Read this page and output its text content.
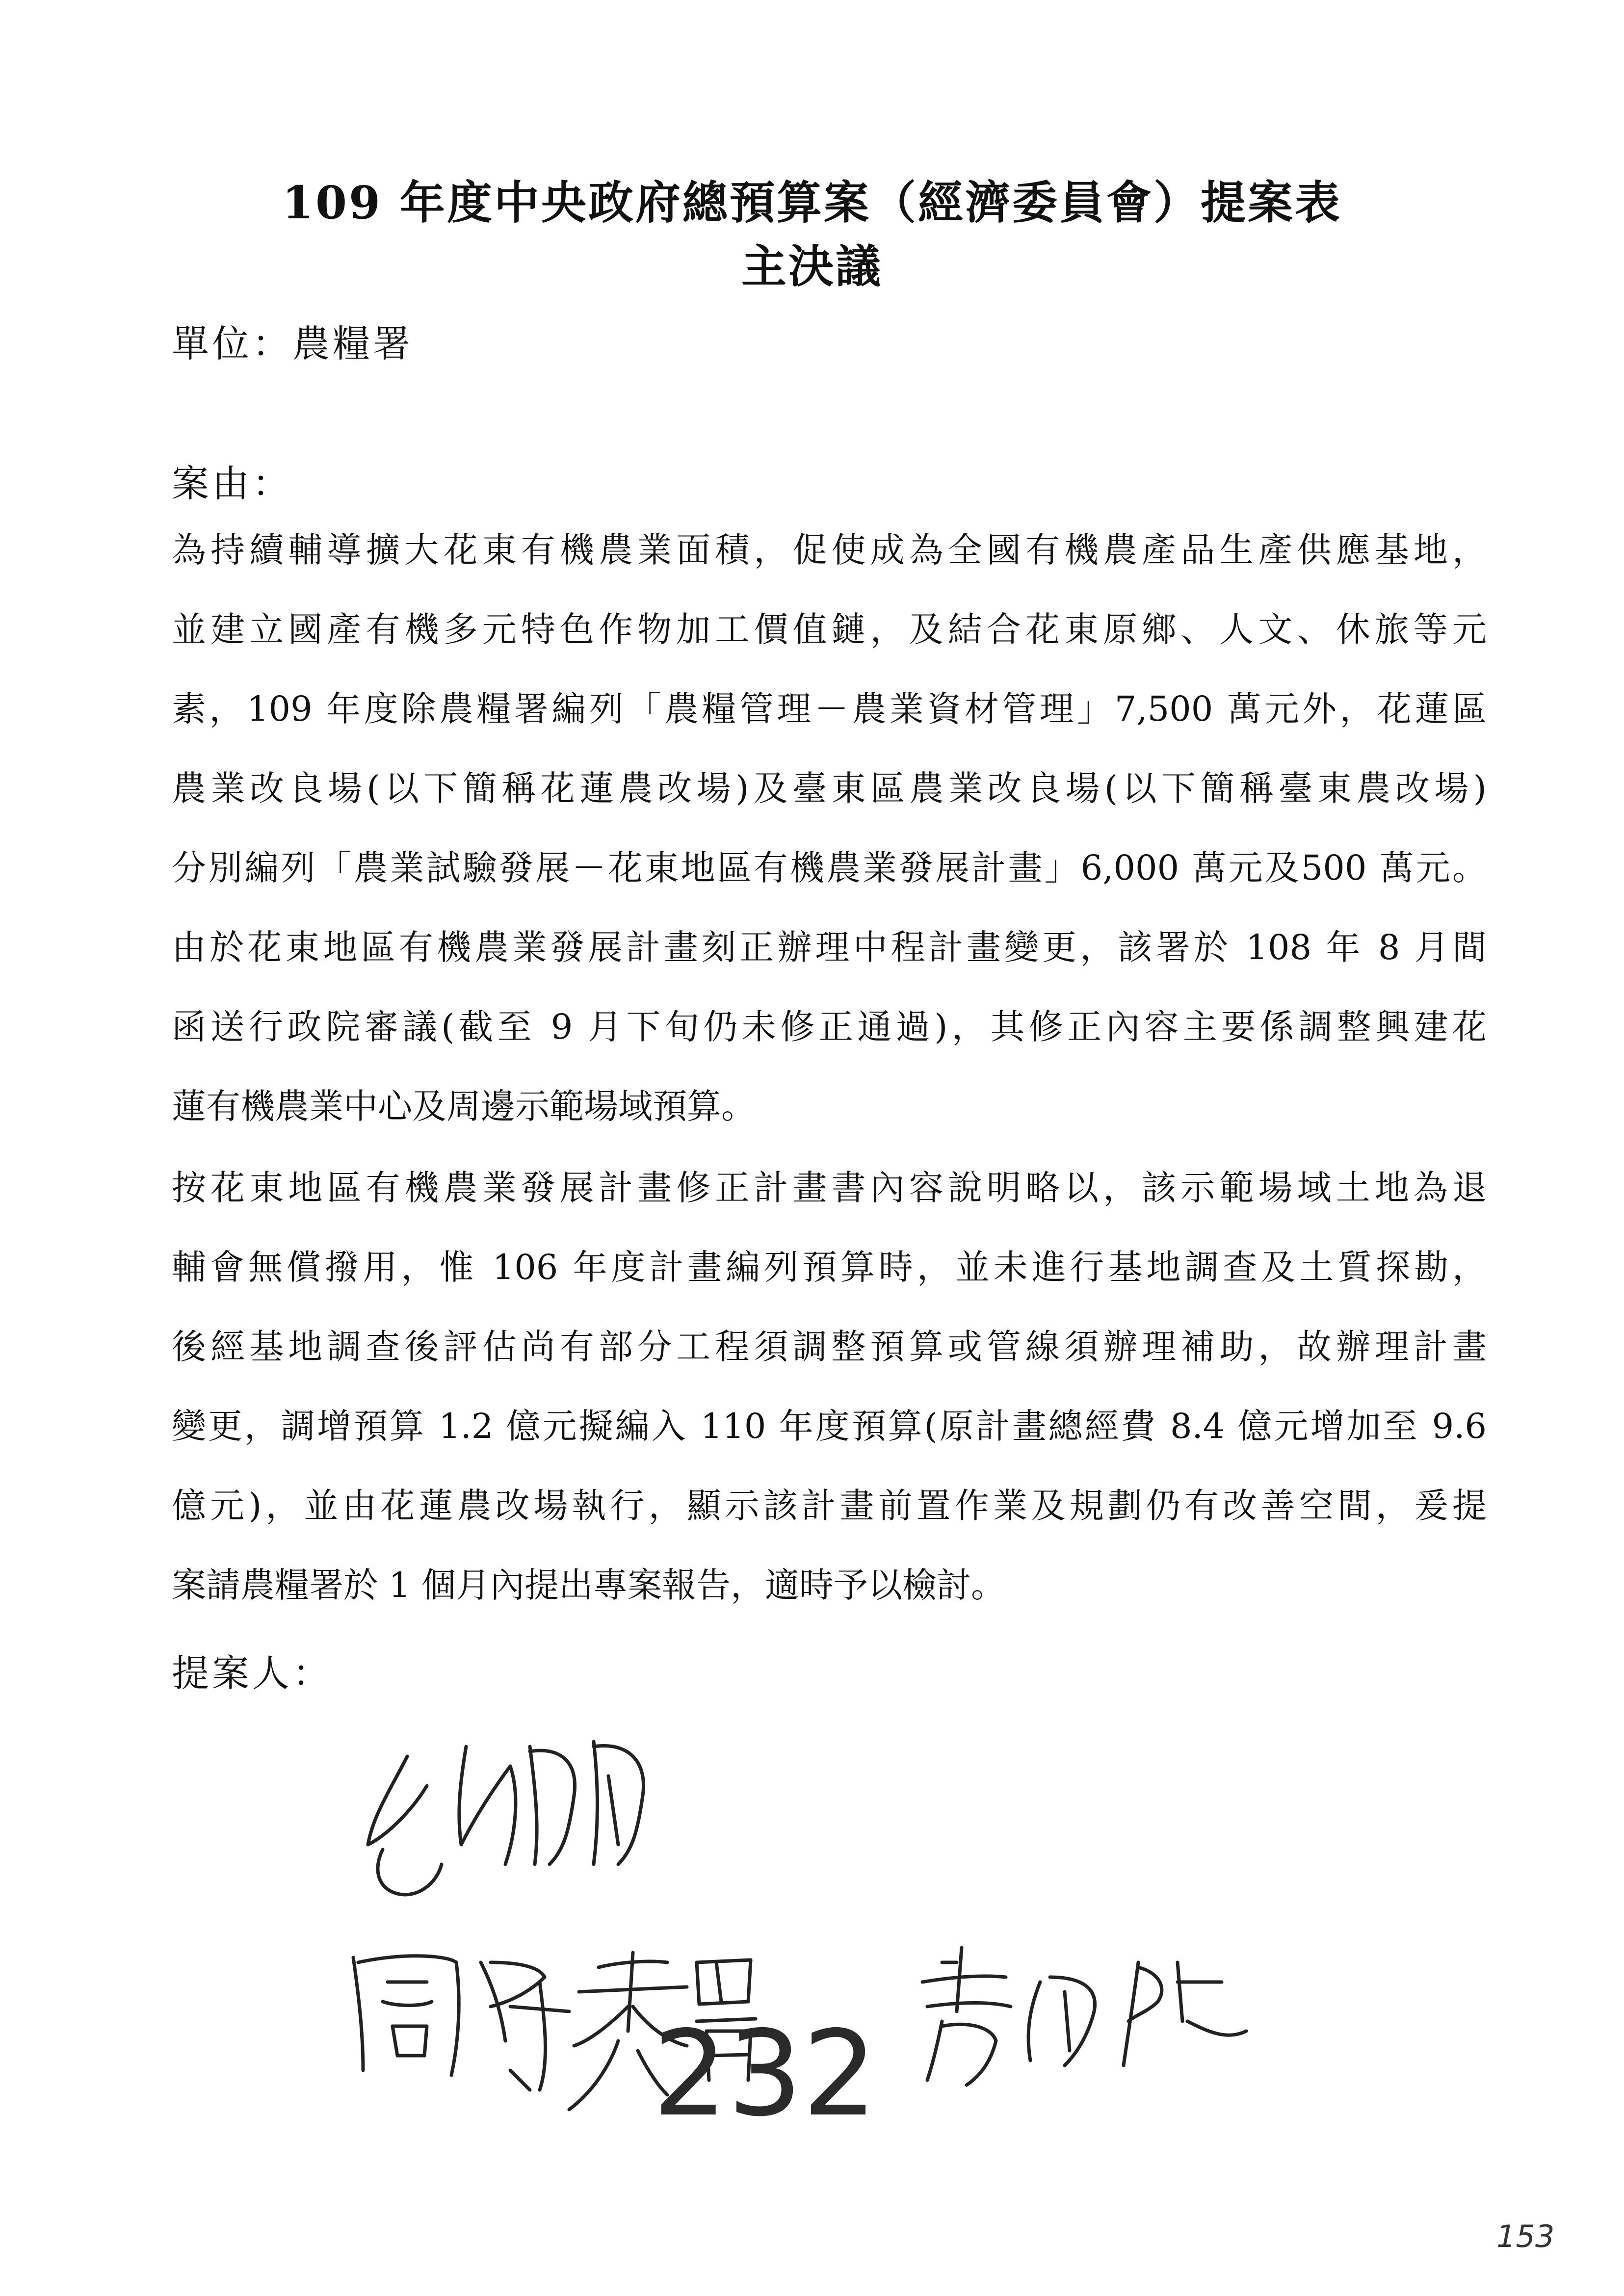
109 年度中央政府總預算案（經濟委員會）提案表
主決議
單位：農糧署
案由：
為持續輔導擴大花東有機農業面積，促使成為全國有機農產品生產供應基地，
並建立國產有機多元特色作物加工價值鏈，及結合花東原鄉、人文、休旅等元
素，109 年度除農糧署編列「農糧管理－農業資材管理」7,500 萬元外，花蓮區
農業改良場(以下簡稱花蓮農改場)及臺東區農業改良場(以下簡稱臺東農改場)
分別編列「農業試驗發展－花東地區有機農業發展計畫」6,000 萬元及500 萬元。
由於花東地區有機農業發展計畫刻正辦理中程計畫變更，該署於 108 年 8 月間
函送行政院審議(截至 9 月下旬仍未修正通過)，其修正內容主要係調整興建花
蓮有機農業中心及周邊示範場域預算。
按花東地區有機農業發展計畫修正計畫書內容說明略以，該示範場域土地為退
輔會無償撥用，惟 106 年度計畫編列預算時，並未進行基地調查及土質探勘，
後經基地調查後評估尚有部分工程須調整預算或管線須辦理補助，故辦理計畫
變更，調增預算 1.2 億元擬編入 110 年度預算(原計畫總經費 8.4 億元增加至 9.6
億元)，並由花蓮農改場執行，顯示該計畫前置作業及規劃仍有改善空間，爰提
案請農糧署於 1 個月內提出專案報告，適時予以檢討。
提案人：
232
153
